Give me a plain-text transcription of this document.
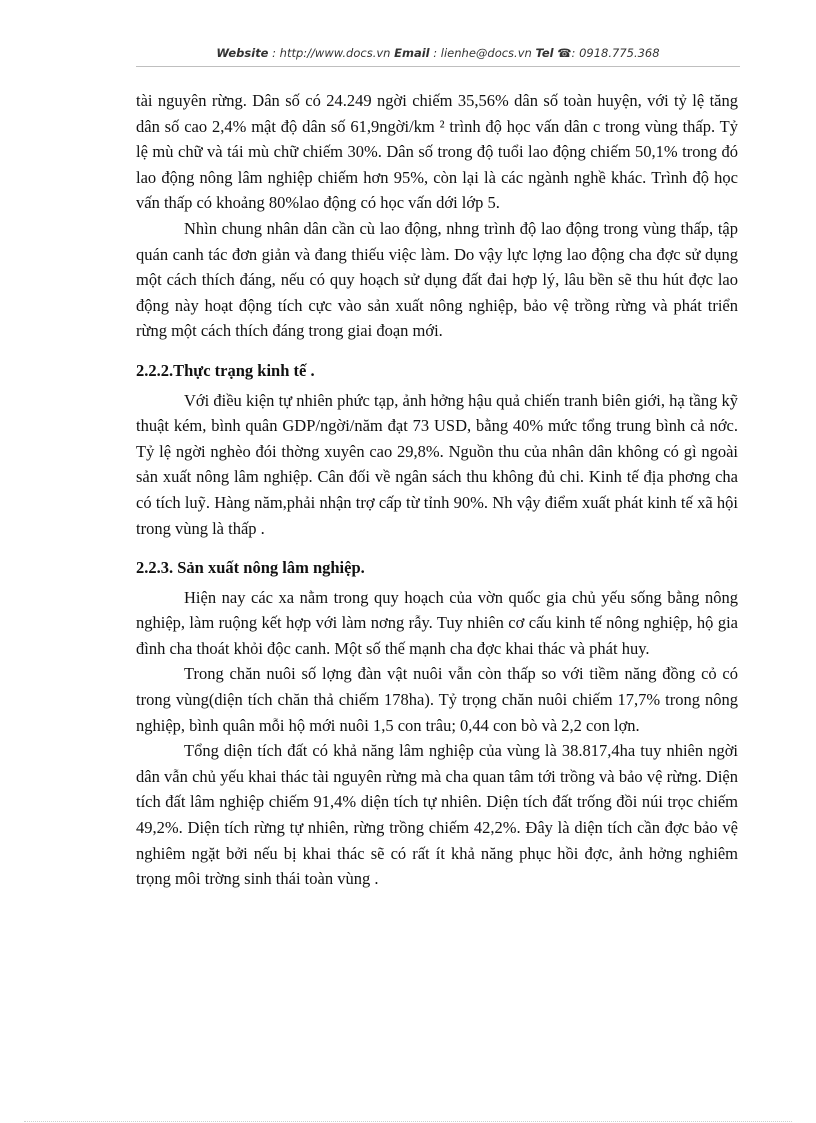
Website : http://www.docs.vn Email : lienhe@docs.vn Tel ☎: 0918.775.368

tài nguyên rừng. Dân số có 24.249 ngời chiếm 35,56% dân số toàn huyện, với tỷ lệ tăng dân số cao 2,4% mật độ dân số 61,9ngời/km ² trình độ học vấn dân c trong vùng thấp. Tỷ lệ mù chữ và tái mù chữ chiếm 30%. Dân số trong độ tuổi lao động chiếm 50,1% trong đó lao động nông lâm nghiệp chiếm hơn 95%, còn lại là các ngành nghề khác. Trình độ học vấn thấp có khoảng 80%lao động có học vấn dới lớp 5.

Nhìn chung nhân dân cần cù lao động, nhng trình độ lao động trong vùng thấp, tập quán canh tác đơn giản và đang thiếu việc làm. Do vậy lực lợng lao động cha đợc sử dụng một cách thích đáng, nếu có quy hoạch sử dụng đất đai hợp lý, lâu bền sẽ thu hút đợc lao động này hoạt động tích cực vào sản xuất nông nghiệp, bảo vệ trồng rừng và phát triển rừng một cách thích đáng trong giai đoạn mới.

2.2.2.Thực trạng kinh tế .

Với điều kiện tự nhiên phức tạp, ảnh hởng hậu quả chiến tranh biên giới, hạ tầng kỹ thuật kém, bình quân GDP/ngời/năm đạt 73 USD, bằng 40% mức tổng trung bình cả nớc. Tỷ lệ ngời nghèo đói thờng xuyên cao 29,8%. Nguồn thu của nhân dân không có gì ngoài sản xuất nông lâm nghiệp. Cân đối về ngân sách thu không đủ chi. Kinh tế địa phơng cha có tích luỹ. Hàng năm,phải nhận trợ cấp từ tỉnh 90%. Nh vậy điểm xuất phát kinh tế xã hội trong vùng là thấp .

2.2.3. Sản xuất nông lâm nghiệp.

Hiện nay các xa nằm trong quy hoạch của vờn quốc gia chủ yếu sống bằng nông nghiệp, làm ruộng kết hợp với làm nơng rẫy. Tuy nhiên cơ cấu kinh tế nông nghiệp, hộ gia đình cha thoát khỏi độc canh. Một số thế mạnh cha đợc khai thác và phát huy.

Trong chăn nuôi số lợng đàn vật nuôi vẫn còn thấp so với tiềm năng đồng cỏ có trong vùng(diện tích chăn thả chiếm 178ha). Tỷ trọng chăn nuôi chiếm 17,7% trong nông nghiệp, bình quân mỗi hộ mới nuôi 1,5 con trâu; 0,44 con bò và 2,2 con lợn.

Tổng diện tích đất có khả năng lâm nghiệp của vùng là 38.817,4ha tuy nhiên ngời dân vẫn chủ yếu khai thác tài nguyên rừng mà cha quan tâm tới trồng và bảo vệ rừng. Diện tích đất lâm nghiệp chiếm 91,4% diện tích tự nhiên. Diện tích đất trống đồi núi trọc chiếm 49,2%. Diện tích rừng tự nhiên, rừng trồng chiếm 42,2%. Đây là diện tích cần đợc bảo vệ nghiêm ngặt bởi nếu bị khai thác sẽ có rất ít khả năng phục hồi đợc, ảnh hởng nghiêm trọng môi trờng sinh thái toàn vùng .
